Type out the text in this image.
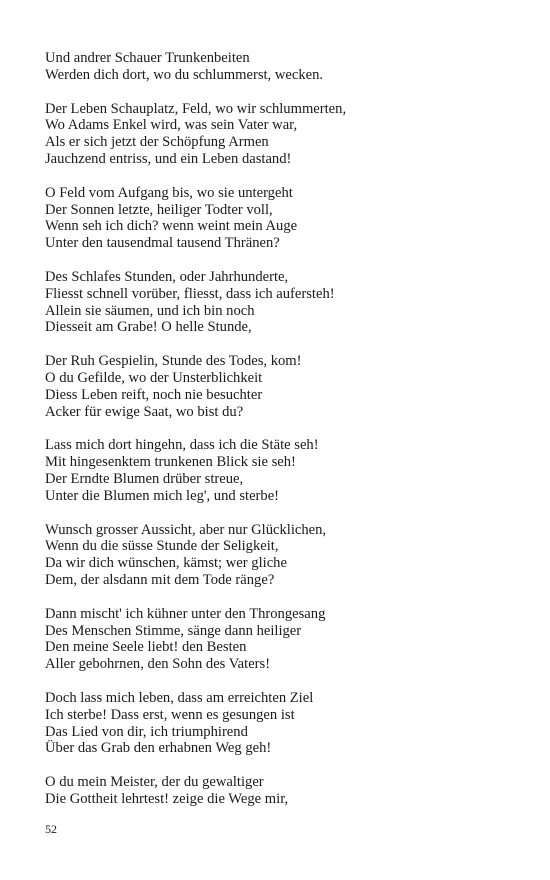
Und andrer Schauer Trunkenbeiten
Werden dich dort, wo du schlummerst, wecken.
Der Leben Schauplatz, Feld, wo wir schlummerten,
Wo Adams Enkel wird, was sein Vater war,
Als er sich jetzt der Schöpfung Armen
Jauchzend entriss, und ein Leben dastand!
O Feld vom Aufgang bis, wo sie untergeht
Der Sonnen letzte, heiliger Todter voll,
Wenn seh ich dich? wenn weint mein Auge
Unter den tausendmal tausend Thränen?
Des Schlafes Stunden, oder Jahrhunderte,
Fliesst schnell vorüber, fliesst, dass ich auferstehǃ
Allein sie säumen, und ich bin noch
Diesseit am Grabe! O helle Stunde,
Der Ruh Gespielin, Stunde des Todes, kom!
O du Gefilde, wo der Unsterblichkeit
Diess Leben reift, noch nie besuchter
Acker für ewige Saat, wo bist du?
Lass mich dort hingehn, dass ich die Stäte seh!
Mit hingesenktem trunkenen Blick sie seh!
Der Erndte Blumen drüber streue,
Unter die Blumen mich leg', und sterbe!
Wunsch grosser Aussicht, aber nur Glücklichen,
Wenn du die süsse Stunde der Seligkeit,
Da wir dich wünschen, kämst; wer gliche
Dem, der alsdann mit dem Tode ränge?
Dann mischt' ich kühner unter den Throngesang
Des Menschen Stimme, sänge dann heiliger
Den meine Seele liebt! den Besten
Aller gebohrnen, den Sohn des Vaters!
Doch lass mich leben, dass am erreichten Ziel
Ich sterbe! Dass erst, wenn es gesungen ist
Das Lied von dir, ich triumphirend
Über das Grab den erhabnen Weg geh!
O du mein Meister, der du gewaltiger
Die Gottheit lehrtest! zeige die Wege mir,
52
